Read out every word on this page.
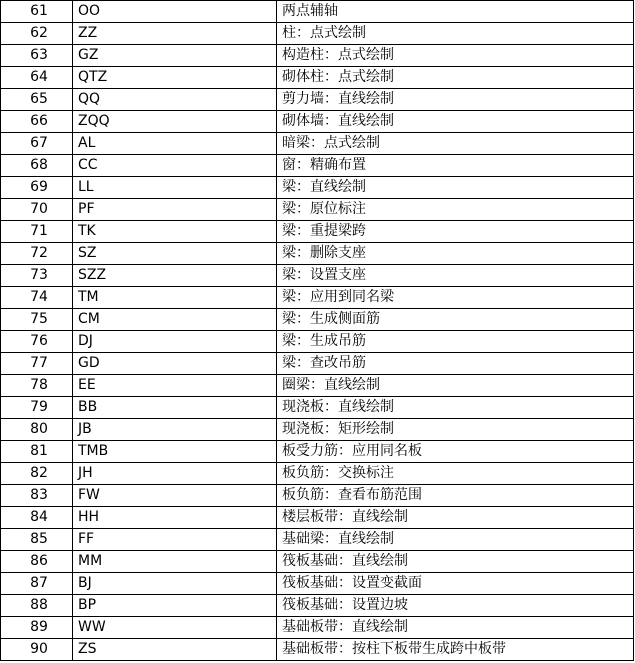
61	OO	两点辅轴
62	ZZ	柱：点式绘制
63	GZ	构造柱：点式绘制
64	QTZ	砌体柱：点式绘制
65	QQ	剪力墙：直线绘制
66	ZQQ	砌体墙：直线绘制
67	AL	暗梁：点式绘制
68	CC	窗：精确布置
69	LL	梁：直线绘制
70	PF	梁：原位标注
71	TK	梁：重提梁跨
72	SZ	梁：删除支座
73	SZZ	梁：设置支座
74	TM	梁：应用到同名梁
75	CM	梁：生成侧面筋
76	DJ	梁：生成吊筋
77	GD	梁：查改吊筋
78	EE	圈梁：直线绘制
79	BB	现浇板：直线绘制
80	JB	现浇板：矩形绘制
81	TMB	板受力筋：应用同名板
82	JH	板负筋：交换标注
83	FW	板负筋：查看布筋范围
84	HH	楼层板带：直线绘制
85	FF	基础梁：直线绘制
86	MM	筏板基础：直线绘制
87	BJ	筏板基础：设置变截面
88	BP	筏板基础：设置边坡
89	WW	基础板带：直线绘制
90	ZS	基础板带：按柱下板带生成跨中板带
